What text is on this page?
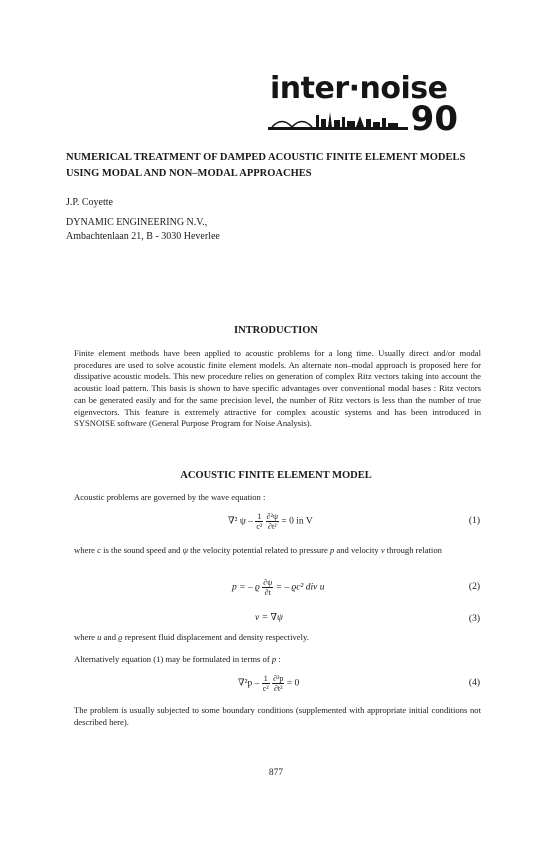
inter·noise
90
NUMERICAL TREATMENT OF DAMPED ACOUSTIC FINITE ELEMENT MODELS
USING MODAL AND NON–MODAL APPROACHES
J.P. Coyette
DYNAMIC ENGINEERING N.V.,
Ambachtenlaan 21, B - 3030 Heverlee
INTRODUCTION
Finite element methods have been applied to acoustic problems for a long time. Usually direct and/or modal procedures are used to solve acoustic finite element models. An alternate non–modal approach is proposed here for dissipative acoustic models. This new procedure relies on generation of complex Ritz vectors taking into account the acoustic load pattern. This basis is shown to have specific advantages over conventional modal bases : Ritz vectors can be generated easily and for the same precision level, the number of Ritz vectors is less than the number of true eigenvectors. This feature is extremely attractive for complex acoustic systems and has been introduced in SYSNOISE software (General Purpose Program for Noise Analysis).
ACOUSTIC FINITE ELEMENT MODEL
Acoustic problems are governed by the wave equation :
∇² ψ – $\frac{1}{\text{c²}}$
$\frac{\text{∂²ψ}}{\text{∂t²}} = 0$ in V	(1)
where c is the sound speed and ψ the velocity potential related to pressure p and velocity v through relation
p = – ϱ $\frac{\partial\psi}{\partial t}$ = – ϱc² div u	(2)
v = ∇ψ	(3)
where u and ϱ represent fluid displacement and density respectively.
Alternatively equation (1) may be formulated in terms of p :
$\nabla^2p - \frac{1}{\text{c²}}$
$\frac{\text{∂²p}}{\text{∂t²}} = 0$	(4)
The problem is usually subjected to some boundary conditions (supplemented with appropriate initial conditions not described here).
877
